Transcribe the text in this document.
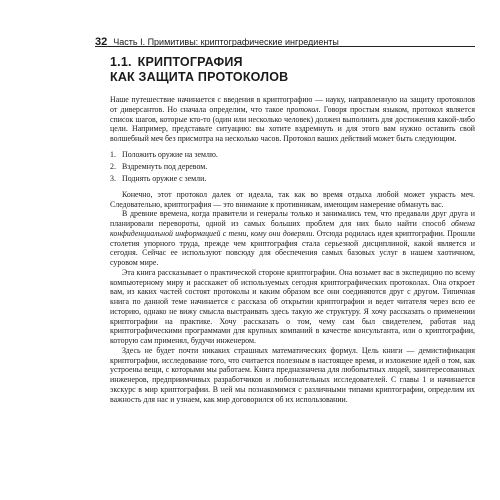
32 Часть I. Примитивы: криптографические ингредиенты
1.1. КРИПТОГРАФИЯ
КАК ЗАЩИТА ПРОТОКОЛОВ

Наше путешествие начинается с введения в криптографию — науку, направленную на защиту протоколов от диверсантов. Но сначала определим, что такое протокол. Говоря простым языком, протокол является список шагов, которые кто-то (один или несколько человек) должен выполнить для достижения какой-либо цели. Например, представьте ситуацию: вы хотите вздремнуть и для этого вам нужно оставить свой волшебный меч без присмотра на несколько часов. Протокол ваших действий может быть следующим.

1. Положить оружие на землю.
2. Вздремнуть под деревом.
3. Поднять оружие с земли.

Конечно, этот протокол далек от идеала, так как во время отдыха любой может украсть меч. Следовательно, криптография — это внимание к противникам, имеющим намерение обмануть вас.

В древние времена, когда правители и генералы только и занимались тем, что предавали друг друга и планировали перевороты, одной из самых больших проблем для них было найти способ обмена конфиденциальной информацией с теми, кому они доверяли. Отсюда родилась идея криптографии. Прошли столетия упорного труда, прежде чем криптография стала серьезной дисциплиной, какой является и сегодня. Сейчас ее используют повсюду для обеспечения самых базовых услуг в нашем хаотичном, суровом мире.

Эта книга рассказывает о практической стороне криптографии. Она возьмет вас в экспедицию по всему компьютерному миру и расскажет об используемых сегодня криптографических протоколах. Она откроет вам, из каких частей состоят протоколы и каким образом все они соединяются друг с другом. Типичная книга по данной теме начинается с рассказа об открытии криптографии и ведет читателя через всю ее историю, однако не вижу смысла выстраивать здесь такую же структуру. Я хочу рассказать о применении криптографии на практике. Хочу рассказать о том, чему сам был свидетелем, работая над криптографическими программами для крупных компаний в качестве консультанта, или о криптографии, которую сам применял, будучи инженером.

Здесь не будет почти никаких страшных математических формул. Цель книги — демистификация криптографии, исследование того, что считается полезным в настоящее время, и изложение идей о том, как устроены вещи, с которыми мы работаем. Книга предназначена для любопытных людей, заинтересованных инженеров, предприимчивых разработчиков и любознательных исследователей. С главы 1 и начинается экскурс в мир криптографии. В ней мы познакомимся с различными типами криптографии, определим их важность для нас и узнаем, как мир договорился об их использовании.
